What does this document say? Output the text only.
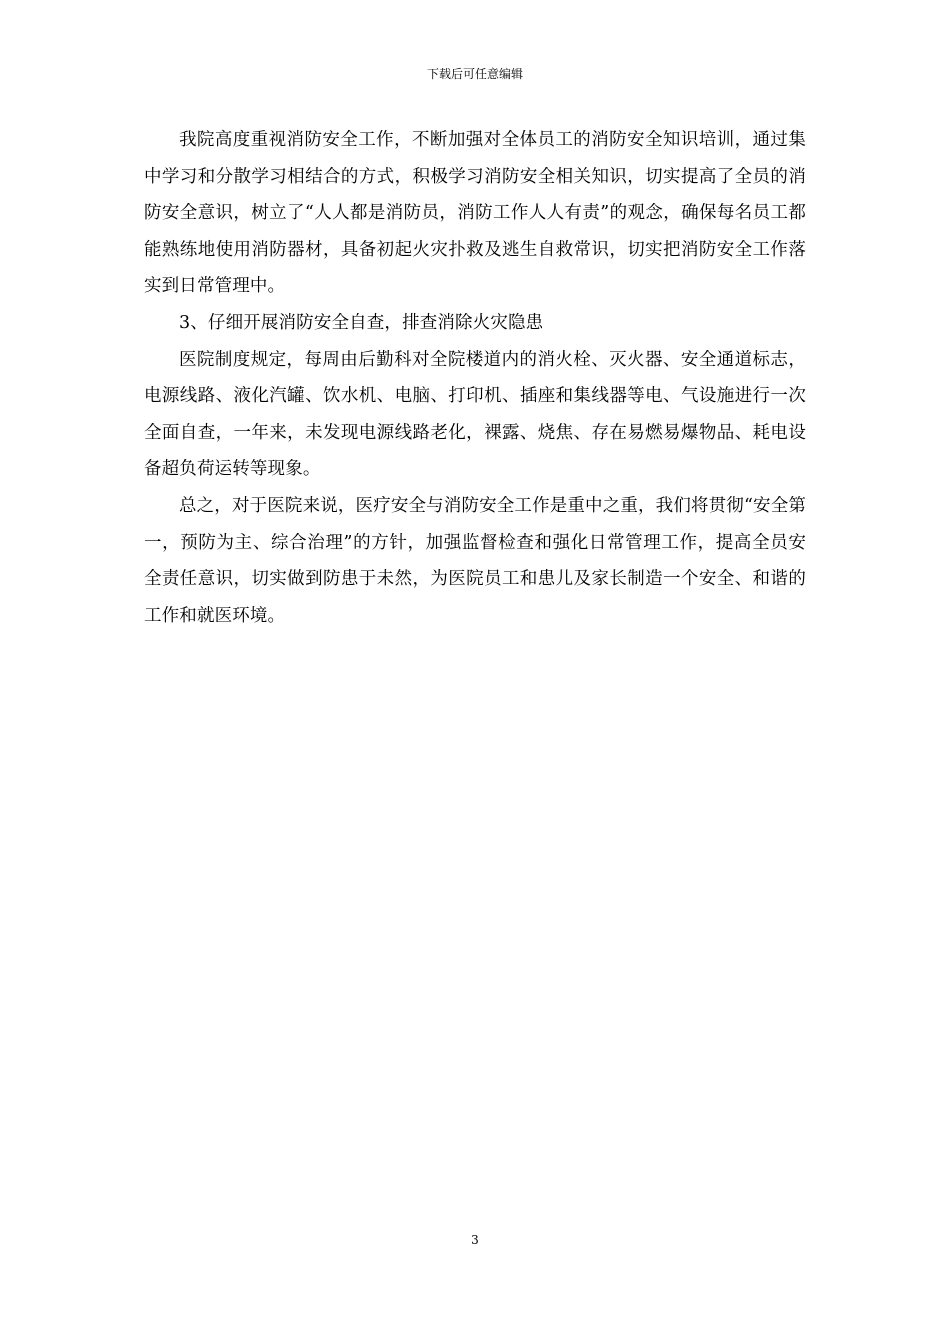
下载后可任意编辑

我院高度重视消防安全工作，不断加强对全体员工的消防安全知识培训，通过集中学习和分散学习相结合的方式，积极学习消防安全相关知识，切实提高了全员的消防安全意识，树立了“人人都是消防员，消防工作人人有责”的观念，确保每名员工都能熟练地使用消防器材，具备初起火灾扑救及逃生自救常识，切实把消防安全工作落实到日常管理中。

3、仔细开展消防安全自查，排查消除火灾隐患

医院制度规定，每周由后勤科对全院楼道内的消火栓、灭火器、安全通道标志，电源线路、液化汽罐、饮水机、电脑、打印机、插座和集线器等电、气设施进行一次全面自查，一年来，未发现电源线路老化，裸露、烧焦、存在易燃易爆物品、耗电设备超负荷运转等现象。

总之，对于医院来说，医疗安全与消防安全工作是重中之重，我们将贯彻“安全第一，预防为主、综合治理”的方针，加强监督检查和强化日常管理工作，提高全员安全责任意识，切实做到防患于未然，为医院员工和患儿及家长制造一个安全、和谐的工作和就医环境。

3
